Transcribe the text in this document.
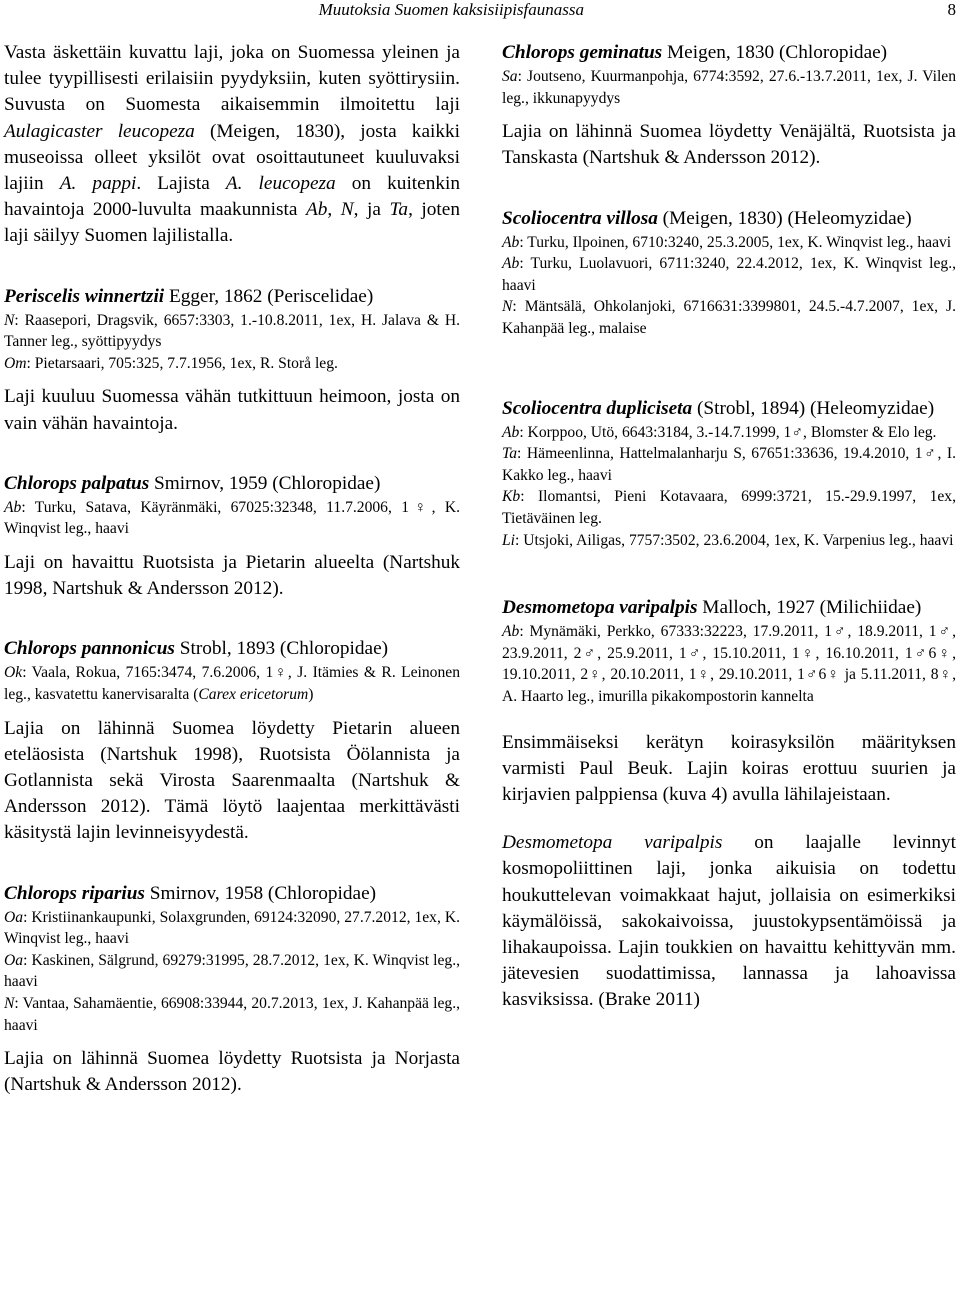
Muutoksia Suomen kaksisiipisfaunassa	8

Vasta äskettäin kuvattu laji, joka on Suomessa yleinen ja tulee tyypillisesti erilaisiin pyydyksiin, kuten syöttirysiin. Suvusta on Suomesta aikaisemmin ilmoitettu laji Aulagicaster leucopeza (Meigen, 1830), josta kaikki museoissa olleet yksilöt ovat osoittautuneet kuuluvaksi lajiin A. pappi. Lajista A. leucopeza on kuitenkin havaintoja 2000-luvulta maakunnista Ab, N, ja Ta, joten laji säilyy Suomen lajilistalla.

Periscelis winnertzii Egger, 1862 (Periscelidae)

N: Raasepori, Dragsvik, 6657:3303, 1.-10.8.2011, 1ex, H. Jalava & H. Tanner leg., syöttipyydys

Om: Pietarsaari, 705:325, 7.7.1956, 1ex, R. Storå leg.

Laji kuuluu Suomessa vähän tutkittuun heimoon, josta on vain vähän havaintoja.

Chlorops palpatus Smirnov, 1959 (Chloropidae)

Ab: Turku, Satava, Käyränmäki, 67025:32348, 11.7.2006, 1♀, K. Winqvist leg., haavi

Laji on havaittu Ruotsista ja Pietarin alueelta (Nartshuk 1998, Nartshuk & Andersson 2012).

Chlorops pannonicus Strobl, 1893 (Chloropidae)

Ok: Vaala, Rokua, 7165:3474, 7.6.2006, 1♀, J. Itämies & R. Leinonen leg., kasvatettu kanervisaralta (Carex ericetorum)

Lajia on lähinnä Suomea löydetty Pietarin alueen eteläosista (Nartshuk 1998), Ruotsista Öölannista ja Gotlannista sekä Virosta Saarenmaalta (Nartshuk & Andersson 2012). Tämä löytö laajentaa merkittävästi käsitystä lajin levinneisyydestä.

Chlorops riparius Smirnov, 1958 (Chloropidae)

Oa: Kristiinankaupunki, Solaxgrunden, 69124:32090, 27.7.2012, 1ex, K. Winqvist leg., haavi

Oa: Kaskinen, Sälgrund, 69279:31995, 28.7.2012, 1ex, K. Winqvist leg., haavi

N: Vantaa, Sahamäentie, 66908:33944, 20.7.2013, 1ex, J. Kahanpää leg., haavi

Lajia on lähinnä Suomea löydetty Ruotsista ja Norjasta (Nartshuk & Andersson 2012).

Chlorops geminatus Meigen, 1830 (Chloropidae)

Sa: Joutseno, Kuurmanpohja, 6774:3592, 27.6.-13.7.2011, 1ex, J. Vilen leg., ikkunapyydys

Lajia on lähinnä Suomea löydetty Venäjältä, Ruotsista ja Tanskasta (Nartshuk & Andersson 2012).

Scoliocentra villosa (Meigen, 1830) (Heleomyzidae)

Ab: Turku, Ilpoinen, 6710:3240, 25.3.2005, 1ex, K. Winqvist leg., haavi

Ab: Turku, Luolavuori, 6711:3240, 22.4.2012, 1ex, K. Winqvist leg., haavi

N: Mäntsälä, Ohkolanjoki, 6716631:3399801, 24.5.-4.7.2007, 1ex, J. Kahanpää leg., malaise

Scoliocentra dupliciseta (Strobl, 1894) (Heleomyzidae)

Ab: Korppoo, Utö, 6643:3184, 3.-14.7.1999, 1♂, Blomster & Elo leg.

Ta: Hämeenlinna, Hattelmalanharju S, 67651:33636, 19.4.2010, 1♂, I. Kakko leg., haavi

Kb: Ilomantsi, Pieni Kotavaara, 6999:3721, 15.-29.9.1997, 1ex, Tietäväinen leg.

Li: Utsjoki, Ailigas, 7757:3502, 23.6.2004, 1ex, K. Varpenius leg., haavi

Desmometopa varipalpis Malloch, 1927 (Milichiidae)

Ab: Mynämäki, Perkko, 67333:32223, 17.9.2011, 1♂, 18.9.2011, 1♂, 23.9.2011, 2♂, 25.9.2011, 1♂, 15.10.2011, 1♀, 16.10.2011, 1♂6♀, 19.10.2011, 2♀, 20.10.2011, 1♀, 29.10.2011, 1♂6♀ ja 5.11.2011, 8♀, A. Haarto leg., imurilla pikakompostorin kannelta

Ensimmäiseksi kerätyn koirasyksilön määrityksen varmisti Paul Beuk. Lajin koiras erottuu suurien ja kirjavien palppiensa (kuva 4) avulla lähilajeistaan.

Desmometopa varipalpis on laajalle levinnyt kosmopoliittinen laji, jonka aikuisia on todettu houkuttelevan voimakkaat hajut, jollaisia on esimerkiksi käymälöissä, sakokaivoissa, juustokypsentämöissä ja lihakaupoissa. Lajin toukkien on havaittu kehittyvän mm. jätevesien suodattimissa, lannassa ja lahoavissa kasviksissa. (Brake 2011)
